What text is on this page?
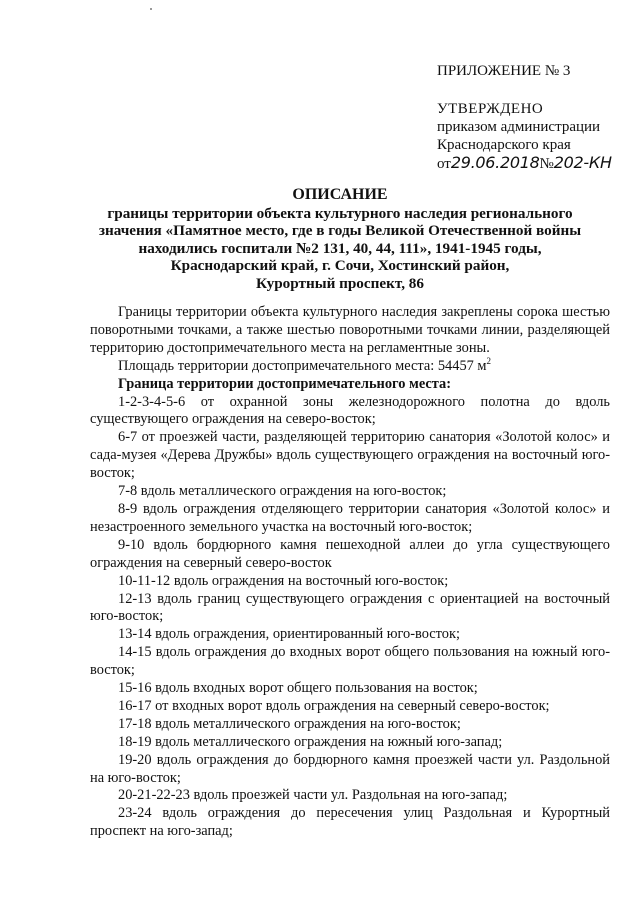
ПРИЛОЖЕНИЕ № 3
УТВЕРЖДЕНО
приказом администрации
Краснодарского края
от29.06.2018№202-КН
ОПИСАНИЕ
границы территории объекта культурного наследия регионального
значения «Памятное место, где в годы Великой Отечественной войны
находились госпитали №2 131, 40, 44, 111», 1941-1945 годы,
Краснодарский край, г. Сочи, Хостинский район,
Курортный проспект, 86

Границы территории объекта культурного наследия закреплены сорока шестью поворотными точками, а также шестью поворотными точками линии, разделяющей территорию достопримечательного места на регламентные зоны.

Площадь территории достопримечательного места: 54457 $м^2$

Граница территории достопримечательного места:

1-2-3-4-5-6 от охранной зоны железнодорожного полотна до вдоль существующего ограждения на северо-восток;

6-7 от проезжей части, разделяющей территорию санатория «Золотой колос» и сада-музея «Дерева Дружбы» вдоль существующего ограждения на восточный юго-восток;

7-8 вдоль металлического ограждения на юго-восток;

8-9 вдоль ограждения отделяющего территории санатория «Золотой колос» и незастроенного земельного участка на восточный юго-восток;

9-10 вдоль бордюрного камня пешеходной аллеи до угла существующего ограждения на северный северо-восток

10-11-12 вдоль ограждения на восточный юго-восток;

12-13 вдоль границ существующего ограждения с ориентацией на восточный юго-восток;

13-14 вдоль ограждения, ориентированный юго-восток;

14-15 вдоль ограждения до входных ворот общего пользования на южный юго-восток;

15-16 вдоль входных ворот общего пользования на восток;

16-17 от входных ворот вдоль ограждения на северный северо-восток;

17-18 вдоль металлического ограждения на юго-восток;

18-19 вдоль металлического ограждения на южный юго-запад;

19-20 вдоль ограждения до бордюрного камня проезжей части ул. Раздольной на юго-восток;

20-21-22-23 вдоль проезжей части ул. Раздольная на юго-запад;

23-24 вдоль ограждения до пересечения улиц Раздольная и Курортный проспект на юго-запад;
